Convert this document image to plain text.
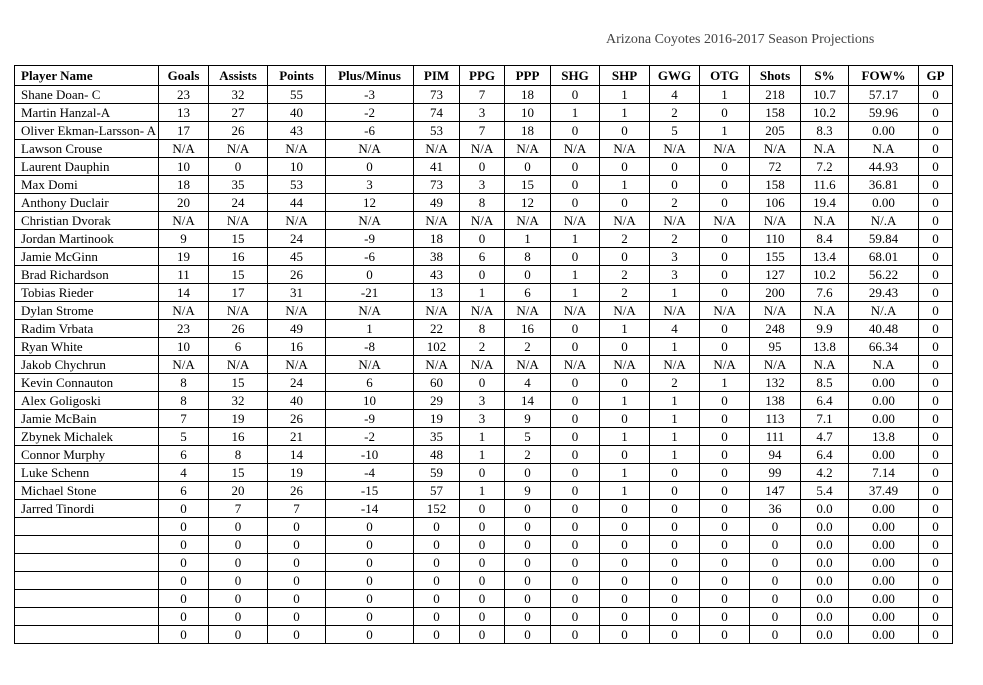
Arizona Coyotes 2016-2017 Season Projections
Player Name	Goals	Assists	Points	Plus/Minus	PIM	PPG	PPP	SHG	SHP	GWG	OTG	Shots	S%	FOW%	GP
Shane Doan- C	23	32	55	-3	73	7	18	0	1	4	1	218	10.7	57.17	0
Martin Hanzal-A	13	27	40	-2	74	3	10	1	1	2	0	158	10.2	59.96	0
Oliver Ekman-Larsson- A	17	26	43	-6	53	7	18	0	0	5	1	205	8.3	0.00	0
Lawson Crouse	N/A	N/A	N/A	N/A	N/A	N/A	N/A	N/A	N/A	N/A	N/A	N/A	N.A	N.A	0
Laurent Dauphin	10	0	10	0	41	0	0	0	0	0	0	72	7.2	44.93	0
Max Domi	18	35	53	3	73	3	15	0	1	0	0	158	11.6	36.81	0
Anthony Duclair	20	24	44	12	49	8	12	0	0	2	0	106	19.4	0.00	0
Christian Dvorak	N/A	N/A	N/A	N/A	N/A	N/A	N/A	N/A	N/A	N/A	N/A	N/A	N.A	N/.A	0
Jordan Martinook	9	15	24	-9	18	0	1	1	2	2	0	110	8.4	59.84	0
Jamie McGinn	19	16	45	-6	38	6	8	0	0	3	0	155	13.4	68.01	0
Brad Richardson	11	15	26	0	43	0	0	1	2	3	0	127	10.2	56.22	0
Tobias Rieder	14	17	31	-21	13	1	6	1	2	1	0	200	7.6	29.43	0
Dylan Strome	N/A	N/A	N/A	N/A	N/A	N/A	N/A	N/A	N/A	N/A	N/A	N/A	N.A	N/.A	0
Radim Vrbata	23	26	49	1	22	8	16	0	1	4	0	248	9.9	40.48	0
Ryan White	10	6	16	-8	102	2	2	0	0	1	0	95	13.8	66.34	0
Jakob Chychrun	N/A	N/A	N/A	N/A	N/A	N/A	N/A	N/A	N/A	N/A	N/A	N/A	N.A	N.A	0
Kevin Connauton	8	15	24	6	60	0	4	0	0	2	1	132	8.5	0.00	0
Alex Goligoski	8	32	40	10	29	3	14	0	1	1	0	138	6.4	0.00	0
Jamie McBain	7	19	26	-9	19	3	9	0	0	1	0	113	7.1	0.00	0
Zbynek Michalek	5	16	21	-2	35	1	5	0	1	1	0	111	4.7	13.8	0
Connor Murphy	6	8	14	-10	48	1	2	0	0	1	0	94	6.4	0.00	0
Luke Schenn	4	15	19	-4	59	0	0	0	1	0	0	99	4.2	7.14	0
Michael Stone	6	20	26	-15	57	1	9	0	1	0	0	147	5.4	37.49	0
Jarred Tinordi	0	7	7	-14	152	0	0	0	0	0	0	36	0.0	0.00	0
	0	0	0	0	0	0	0	0	0	0	0	0	0.0	0.00	0
	0	0	0	0	0	0	0	0	0	0	0	0	0.0	0.00	0
	0	0	0	0	0	0	0	0	0	0	0	0	0.0	0.00	0
	0	0	0	0	0	0	0	0	0	0	0	0	0.0	0.00	0
	0	0	0	0	0	0	0	0	0	0	0	0	0.0	0.00	0
	0	0	0	0	0	0	0	0	0	0	0	0	0.0	0.00	0
	0	0	0	0	0	0	0	0	0	0	0	0	0.0	0.00	0
